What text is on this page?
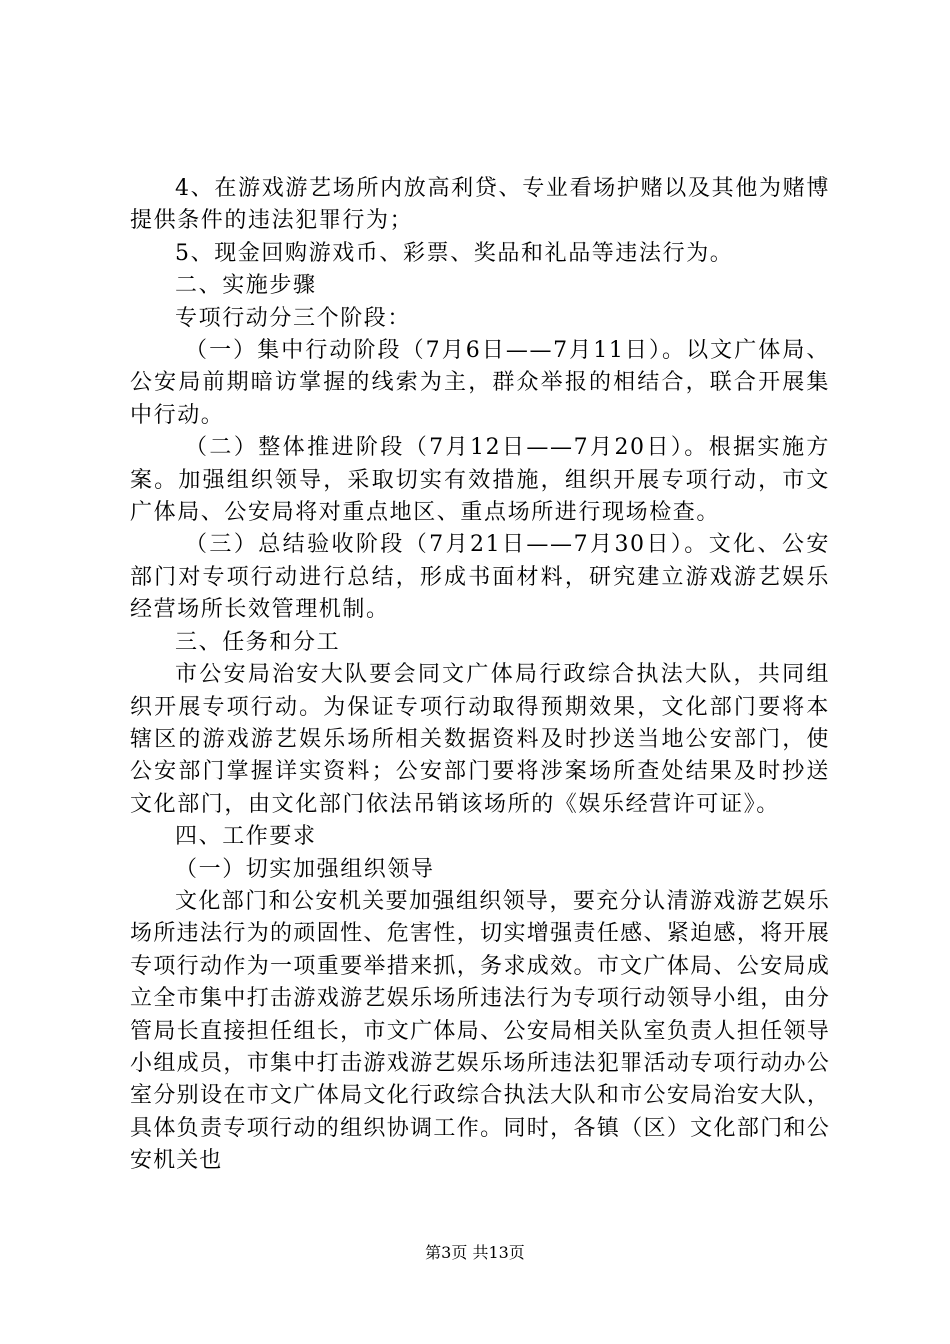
4、在游戏游艺场所内放高利贷、专业看场护赌以及其他为赌博提供条件的违法犯罪行为；

5、现金回购游戏币、彩票、奖品和礼品等违法行为。

二、实施步骤

专项行动分三个阶段：

（一）集中行动阶段（7月6日——7月11日）。以文广体局、公安局前期暗访掌握的线索为主，群众举报的相结合，联合开展集中行动。

（二）整体推进阶段（7月12日——7月20日）。根据实施方案。加强组织领导，采取切实有效措施，组织开展专项行动，市文广体局、公安局将对重点地区、重点场所进行现场检查。

（三）总结验收阶段（7月21日——7月30日）。文化、公安部门对专项行动进行总结，形成书面材料，研究建立游戏游艺娱乐经营场所长效管理机制。

三、任务和分工

市公安局治安大队要会同文广体局行政综合执法大队，共同组织开展专项行动。为保证专项行动取得预期效果，文化部门要将本辖区的游戏游艺娱乐场所相关数据资料及时抄送当地公安部门，使公安部门掌握详实资料；公安部门要将涉案场所查处结果及时抄送文化部门，由文化部门依法吊销该场所的《娱乐经营许可证》。

四、工作要求

（一）切实加强组织领导

文化部门和公安机关要加强组织领导，要充分认清游戏游艺娱乐场所违法行为的顽固性、危害性，切实增强责任感、紧迫感，将开展专项行动作为一项重要举措来抓，务求成效。市文广体局、公安局成立全市集中打击游戏游艺娱乐场所违法行为专项行动领导小组，由分管局长直接担任组长，市文广体局、公安局相关队室负责人担任领导小组成员，市集中打击游戏游艺娱乐场所违法犯罪活动专项行动办公室分别设在市文广体局文化行政综合执法大队和市公安局治安大队，具体负责专项行动的组织协调工作。同时，各镇（区）文化部门和公安机关也

第3页 共13页
